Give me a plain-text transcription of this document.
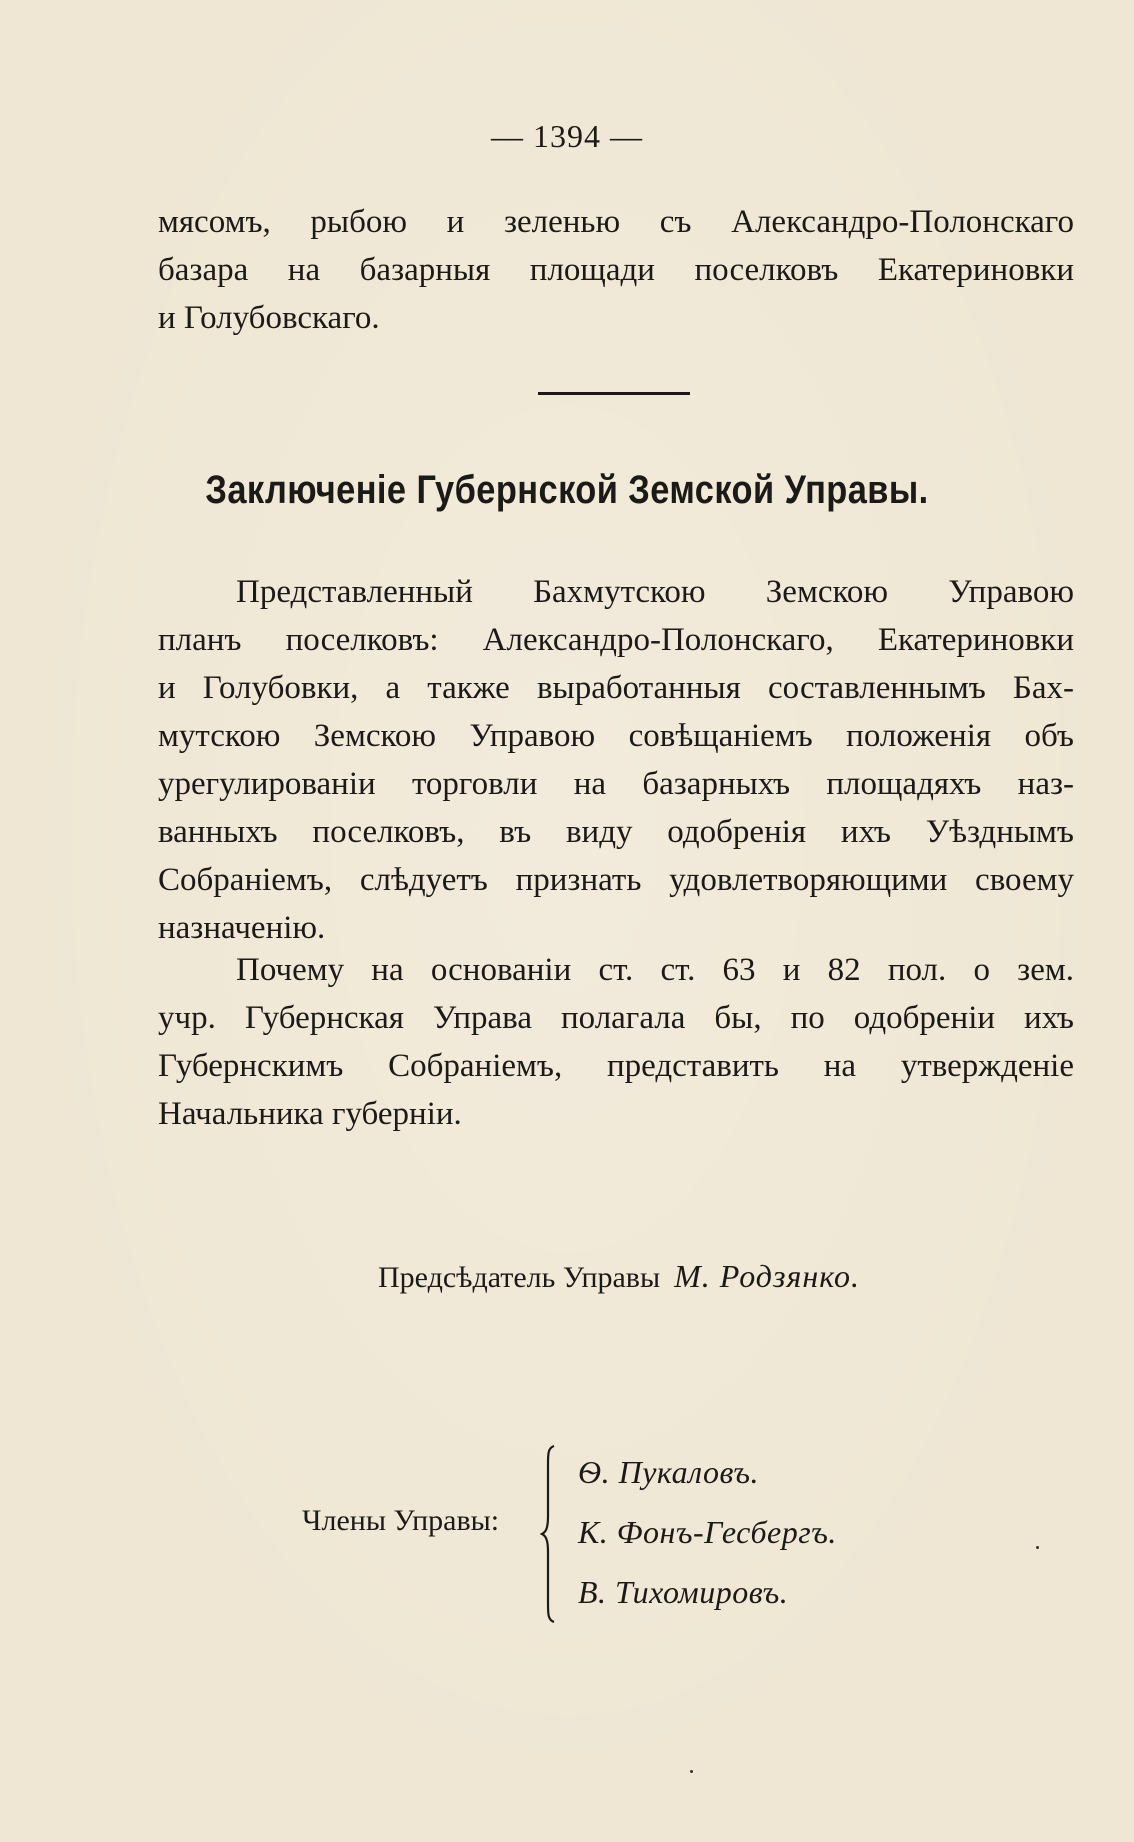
— 1394 —
мясомъ, рыбою и зеленью съ Александро-Полонскаго
базара на базарныя площади поселковъ Екатериновки
и Голубовскаго.
Заключеніе Губернской Земской Управы.
Представленный Бахмутскою Земскою Управою
планъ поселковъ: Александро-Полонскаго, Екатериновки
и Голубовки, а также выработанныя составленнымъ Бах-
мутскою Земскою Управою совѣщаніемъ положенія объ
урегулированіи торговли на базарныхъ площадяхъ наз-
ванныхъ поселковъ, въ виду одобренія ихъ Уѣзднымъ
Собраніемъ, слѣдуетъ признать удовлетворяющими своему
назначенію.
Почему на основаніи ст. ст. 63 и 82 пол. о зем.
учр. Губернская Управа полагала бы, по одобреніи ихъ
Губернскимъ Собраніемъ, представить на утвержденіе
Начальника губерніи.
Предсѣдатель Управы М. Родзянко.
Члены Управы:
Ѳ. Пукаловъ.
К. Фонъ-Гесбергъ.
В. Тихомировъ.
